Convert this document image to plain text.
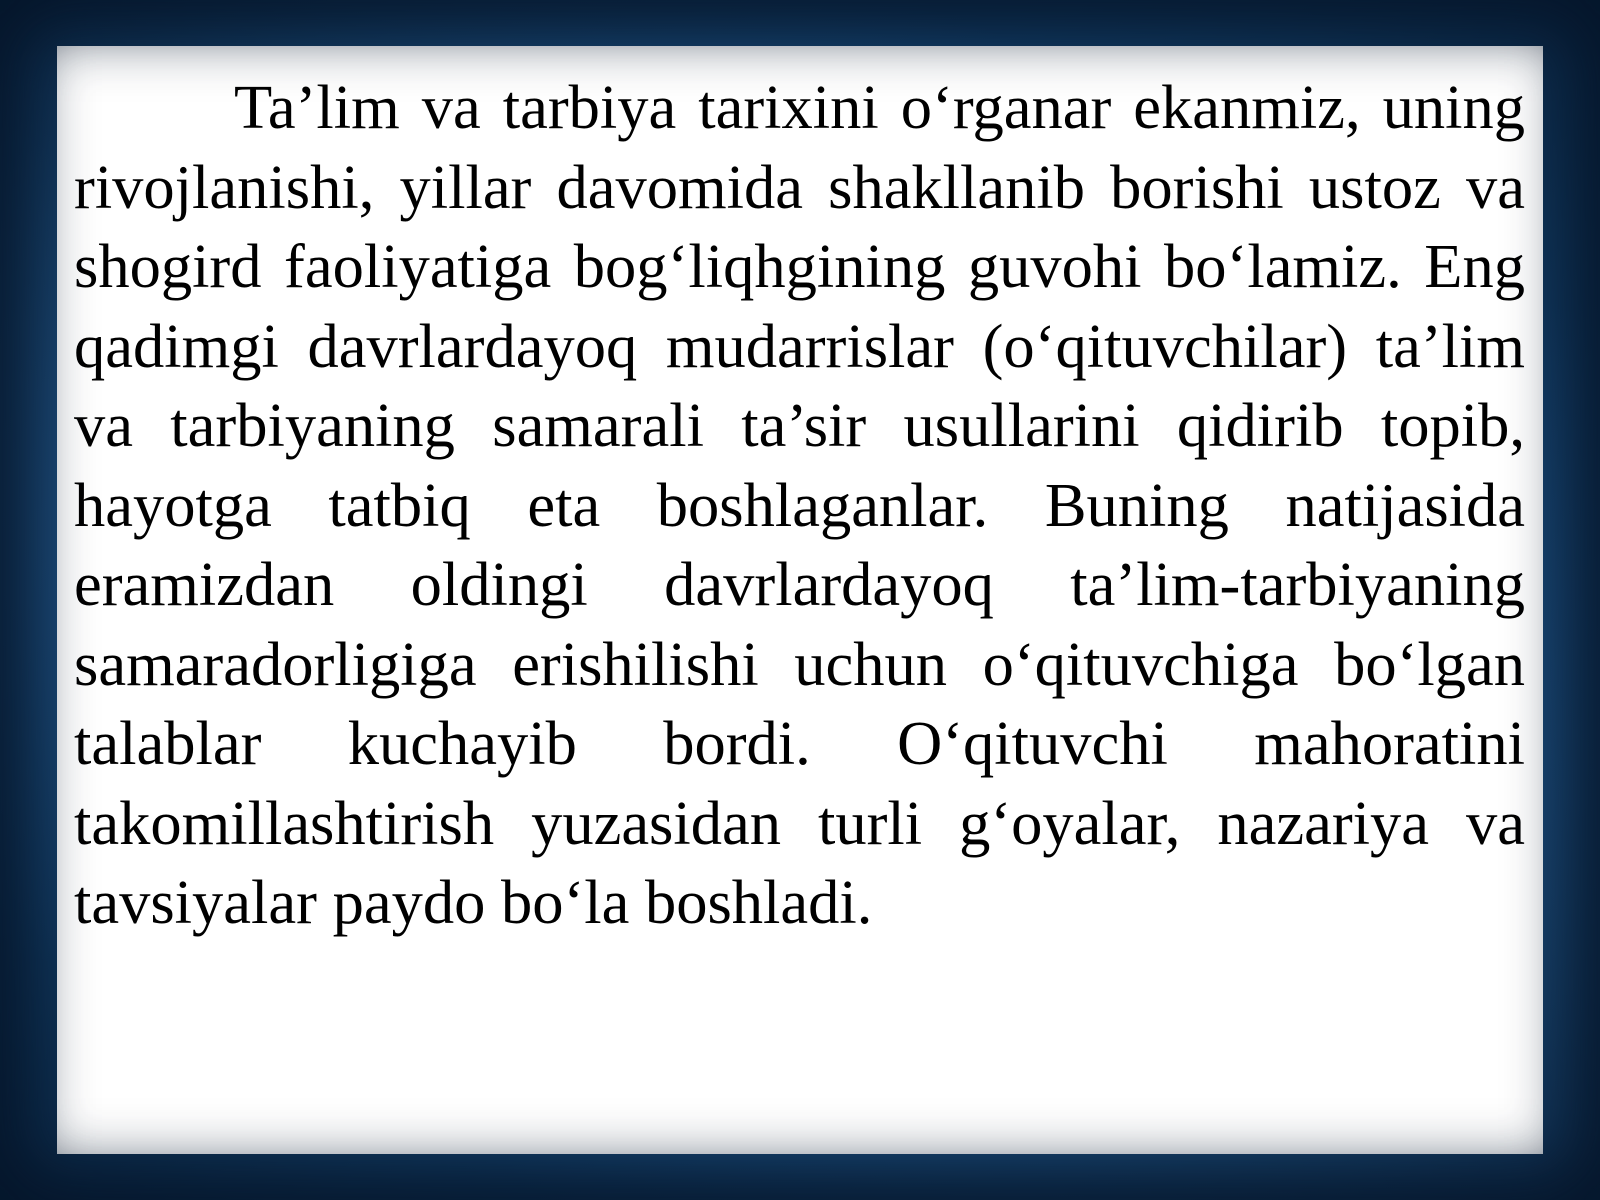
Ta’lim va tarbiya tarixini o‘rganar ekanmiz, uning rivojlanishi, yillar davomida shakllanib borishi ustoz va shogird faoliyatiga bog‘liqhgining guvohi bo‘lamiz. Eng qadimgi davrlardayoq mudarrislar (o‘qituvchilar) ta’lim va tarbiyaning samarali ta’sir usullarini qidirib topib, hayotga tatbiq eta boshlaganlar. Buning natijasida eramizdan oldingi davrlardayoq ta’lim-tarbiyaning samaradorligiga erishilishi uchun o‘qituvchiga bo‘lgan talablar kuchayib bordi. O‘qituvchi mahoratini takomillashtirish yuzasidan turli g‘oyalar, nazariya va tavsiyalar paydo bo‘la boshladi.
